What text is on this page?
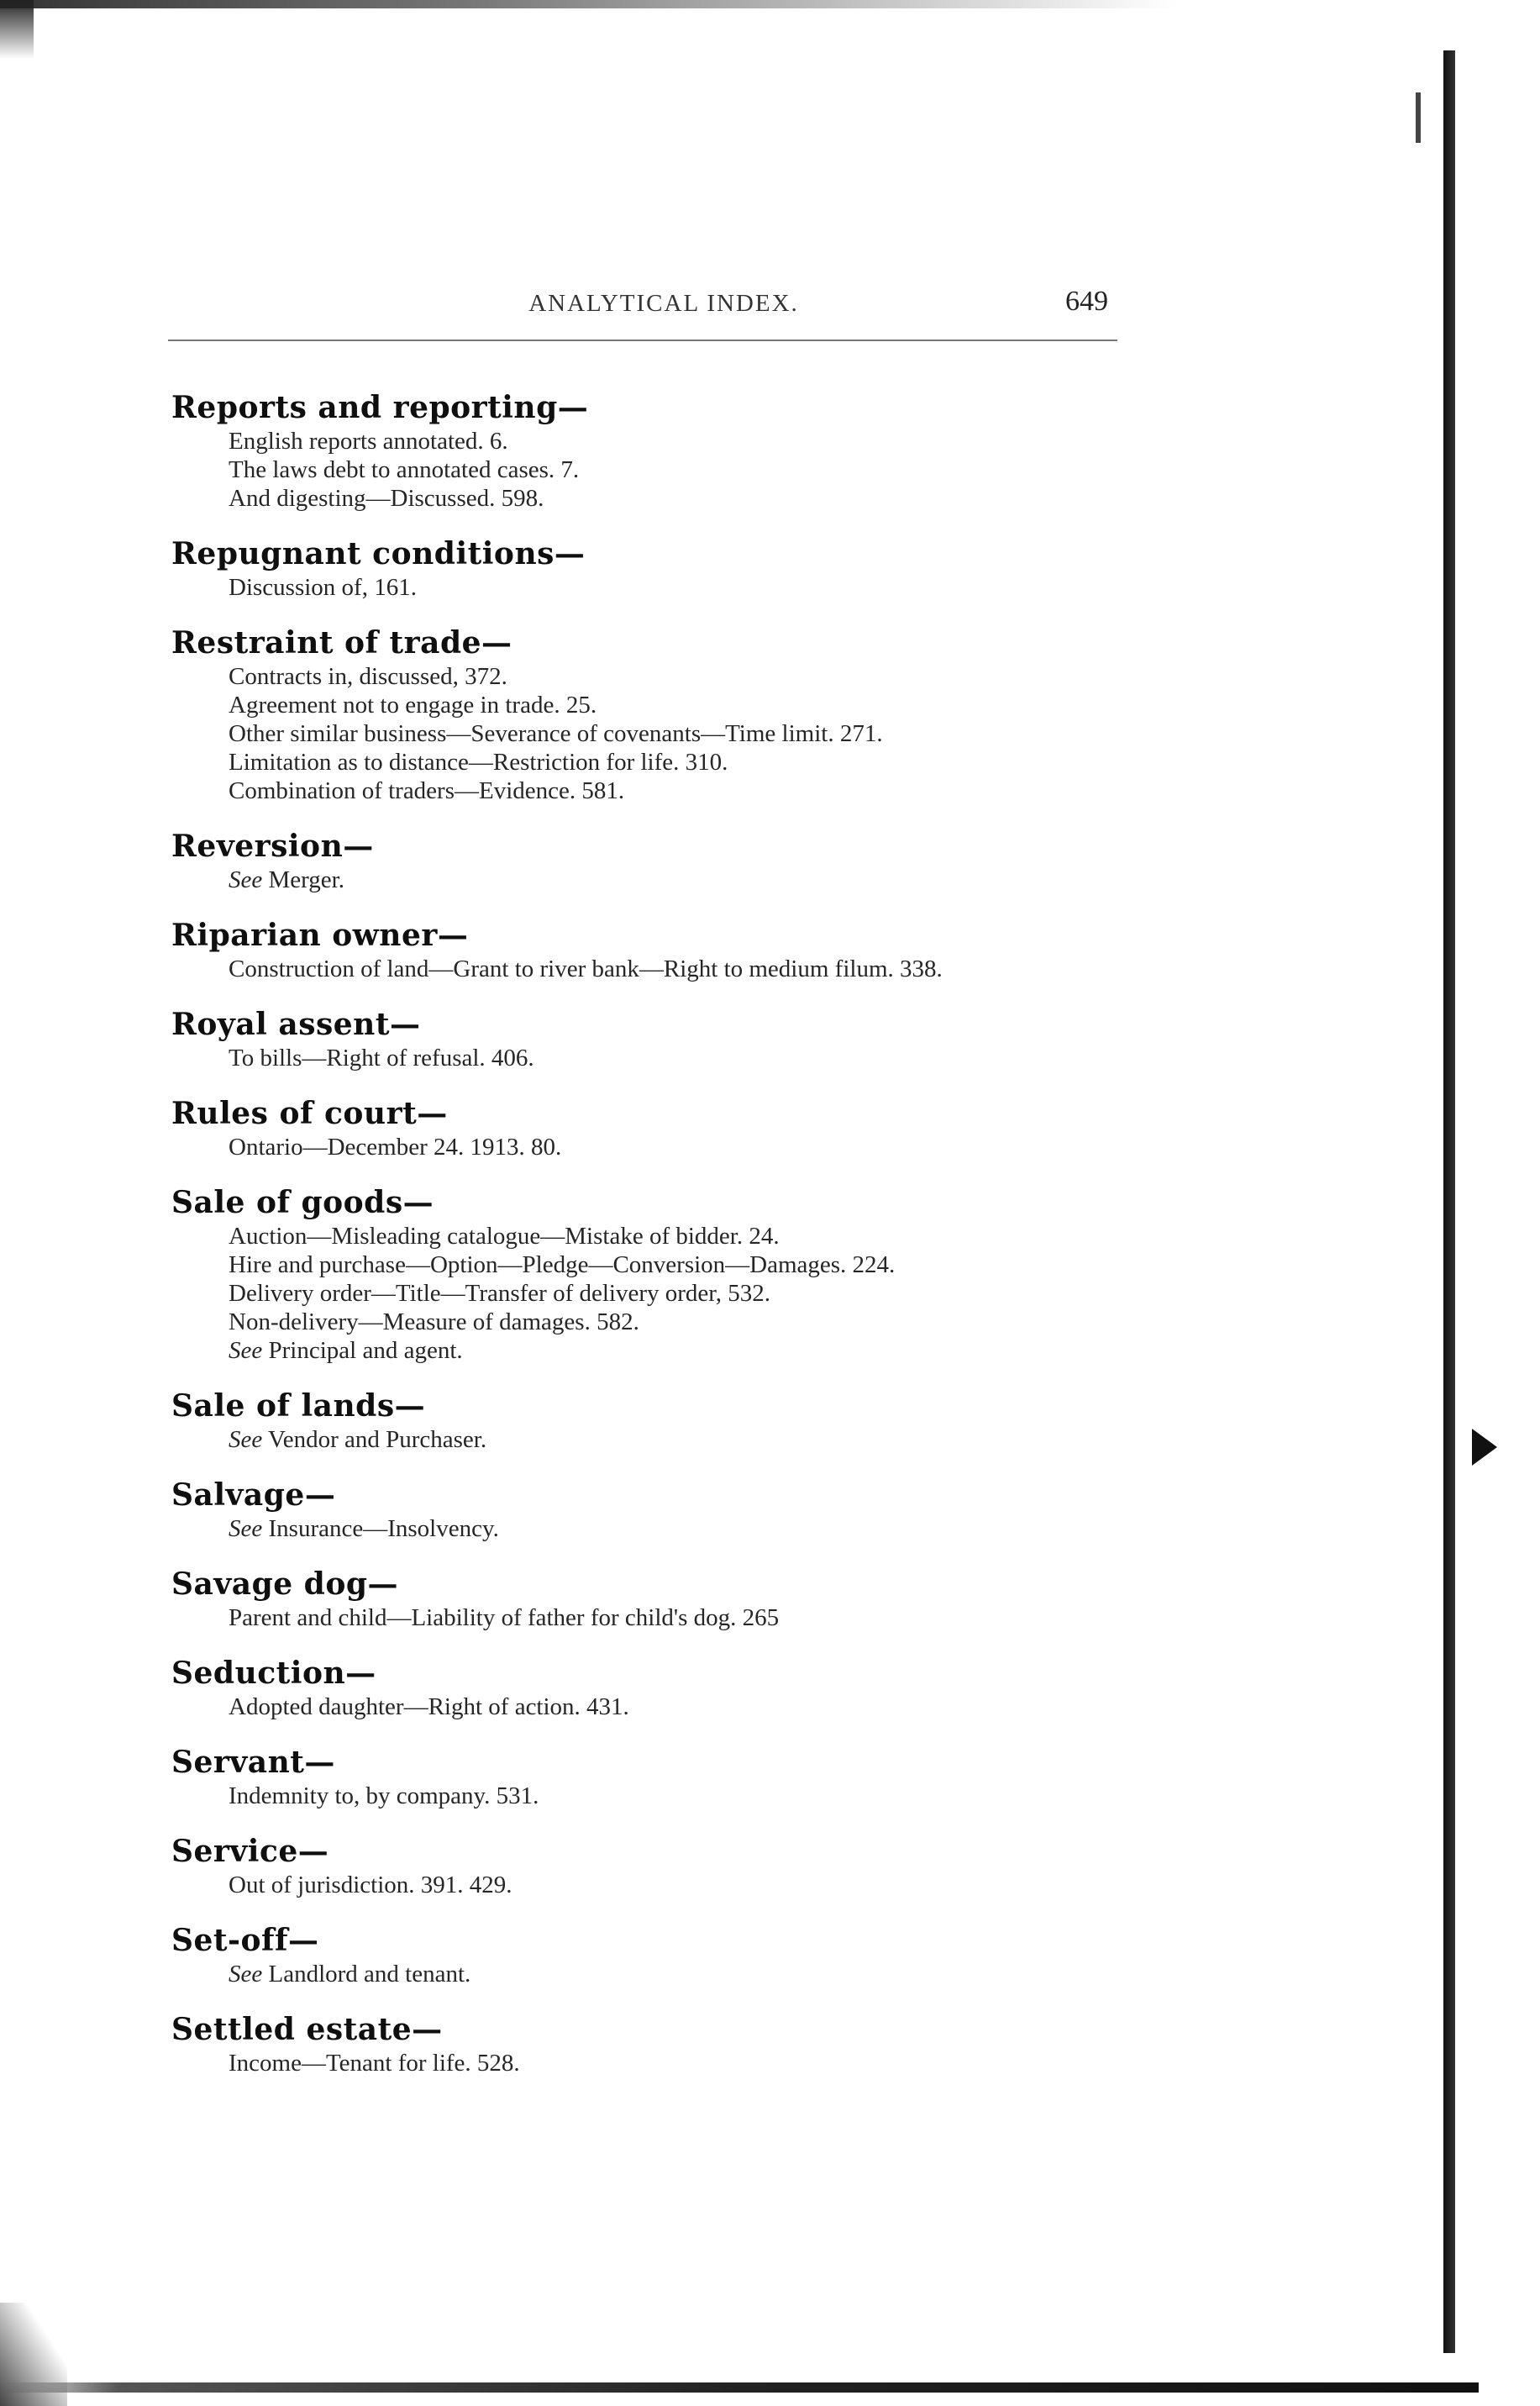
ANALYTICAL INDEX.	649
Reports and reporting—
English reports annotated. 6.
The laws debt to annotated cases. 7.
And digesting—Discussed. 598.
Repugnant conditions—
Discussion of, 161.
Restraint of trade—
Contracts in, discussed, 372.
Agreement not to engage in trade. 25.
Other similar business—Severance of covenants—Time limit. 271.
Limitation as to distance—Restriction for life. 310.
Combination of traders—Evidence. 581.
Reversion—
See Merger.
Riparian owner—
Construction of land—Grant to river bank—Right to medium filum. 338.
Royal assent—
To bills—Right of refusal. 406.
Rules of court—
Ontario—December 24. 1913. 80.
Sale of goods—
Auction—Misleading catalogue—Mistake of bidder. 24.
Hire and purchase—Option—Pledge—Conversion—Damages. 224.
Delivery order—Title—Transfer of delivery order, 532.
Non-delivery—Measure of damages. 582.
See Principal and agent.
Sale of lands—
See Vendor and Purchaser.
Salvage—
See Insurance—Insolvency.
Savage dog—
Parent and child—Liability of father for child's dog. 265
Seduction—
Adopted daughter—Right of action. 431.
Servant—
Indemnity to, by company. 531.
Service—
Out of jurisdiction. 391. 429.
Set-off—
See Landlord and tenant.
Settled estate—
Income—Tenant for life. 528.
